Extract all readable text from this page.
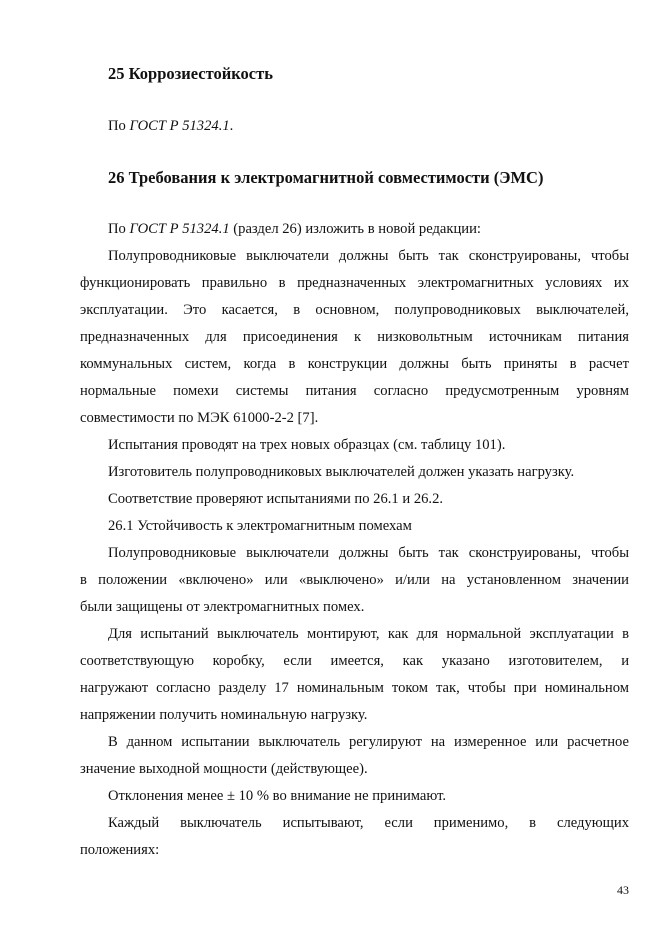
25 Коррозиестойкость
По ГОСТ Р 51324.1.
26 Требования к электромагнитной совместимости (ЭМС)
По ГОСТ Р 51324.1 (раздел 26) изложить в новой редакции:
Полупроводниковые выключатели должны быть так сконструированы, чтобы
функционировать правильно в предназначенных электромагнитных условиях их
эксплуатации. Это касается, в основном, полупроводниковых выключателей,
предназначенных для присоединения к низковольтным источникам питания
коммунальных систем, когда в конструкции должны быть приняты в расчет
нормальные помехи системы питания согласно предусмотренным уровням
совместимости по МЭК 61000-2-2 [7].
Испытания проводят на трех новых образцах (см. таблицу 101).
Изготовитель полупроводниковых выключателей должен указать нагрузку.
Соответствие проверяют испытаниями по 26.1 и 26.2.
26.1 Устойчивость к электромагнитным помехам
Полупроводниковые выключатели должны быть так сконструированы, чтобы
в положении «включено» или «выключено» и/или на установленном значении
были защищены от электромагнитных помех.
Для испытаний выключатель монтируют, как для нормальной эксплуатации в
соответствующую коробку, если имеется, как указано изготовителем, и
нагружают согласно разделу 17 номинальным током так, чтобы при номинальном
напряжении получить номинальную нагрузку.
В данном испытании выключатель регулируют на измеренное или расчетное
значение выходной мощности (действующее).
Отклонения менее ± 10 % во внимание не принимают.
Каждый выключатель испытывают, если применимо, в следующих
положениях:
43
